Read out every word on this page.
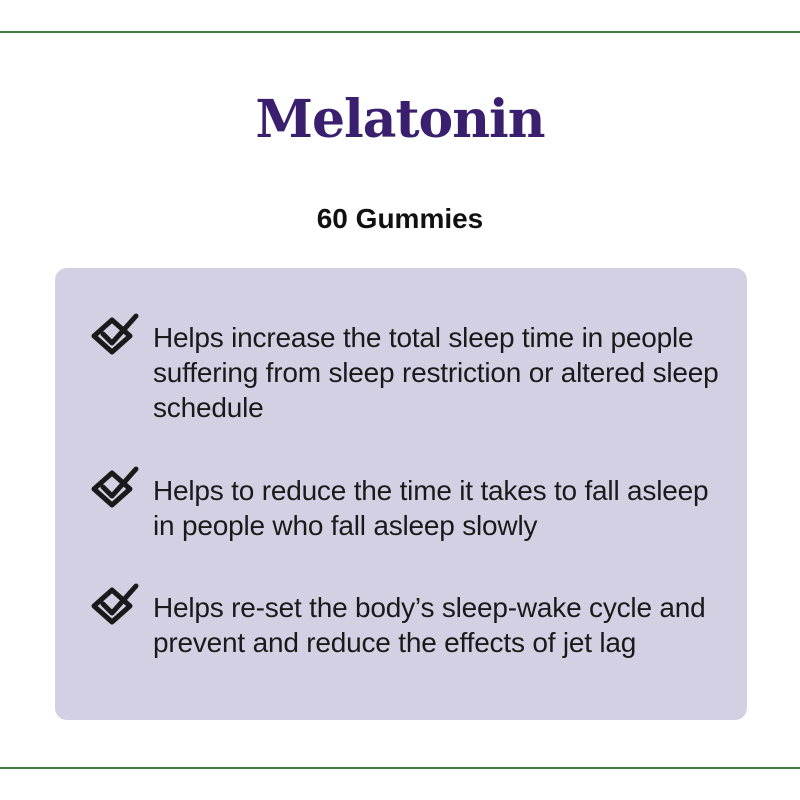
Melatonin
60 Gummies
Helps increase the total sleep time in people suffering from sleep restriction or altered sleep schedule
Helps to reduce the time it takes to fall asleep in people who fall asleep slowly
Helps re-set the body’s sleep-wake cycle and prevent and reduce the effects of jet lag
